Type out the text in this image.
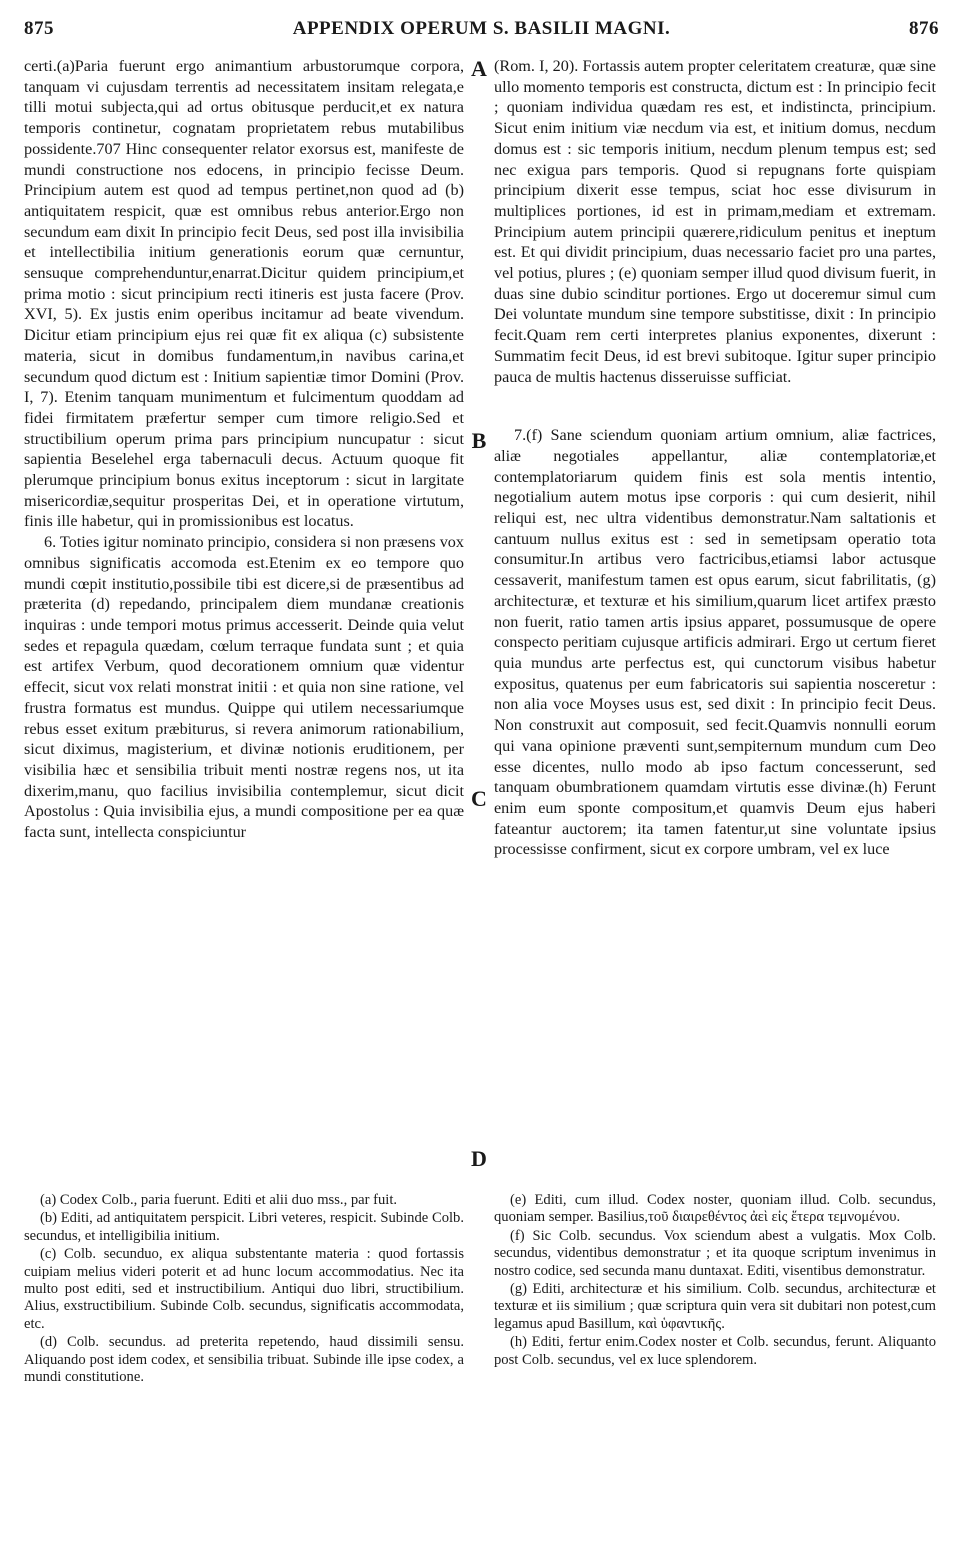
875	APPENDIX OPERUM S. BASILII MAGNI.	876

certi.(a)Paria fuerunt ergo animantium arbustorumque corpora, tanquam vi cujusdam terrentis ad necessitatem insitam relegata,e tilli motui subjecta,qui ad ortus obitusque perducit,et ex natura temporis continetur, cognatam proprietatem rebus mutabilibus possidente.707 Hinc consequenter relator exorsus est, manifeste de mundi constructione nos edocens, in principio fecisse Deum. Principium autem est quod ad tempus pertinet,non quod ad (b) antiquitatem respicit, quæ est omnibus rebus anterior.Ergo non secundum eam dixit In principio fecit Deus, sed post illa invisibilia et intellectibilia initium generationis eorum quæ cernuntur, sensuque comprehenduntur,enarrat.Dicitur quidem principium,et prima motio : sicut principium recti itineris est justa facere (Prov. XVI, 5). Ex justis enim operibus incitamur ad beate vivendum. Dicitur etiam principium ejus rei quæ fit ex aliqua (c) subsistente materia, sicut in domibus fundamentum,in navibus carina,et secundum quod dictum est : Initium sapientiæ timor Domini (Prov. I, 7). Etenim tanquam munimentum et fulcimentum quoddam ad fidei firmitatem præfertur semper cum timore religio.Sed et structibilium operum prima pars principium nuncupatur : sicut sapientia Beselehel erga tabernaculi decus. Actuum quoque fit plerumque principium bonus exitus inceptorum : sicut in largitate misericordiæ,sequitur prosperitas Dei, et in operatione virtutum, finis ille habetur, qui in promissionibus est locatus.

6. Toties igitur nominato principio, considera si non præsens vox omnibus significatis accomoda est.Etenim ex eo tempore quo mundi cœpit institutio,possibile tibi est dicere,si de præsentibus ad præterita (d) repedando, principalem diem mundanæ creationis inquiras : unde tempori motus primus accesserit. Deinde quia velut sedes et repagula quædam, cœlum terraque fundata sunt ; et quia est artifex Verbum, quod decorationem omnium quæ videntur effecit, sicut vox relati monstrat initii : et quia non sine ratione, vel frustra formatus est mundus. Quippe qui utilem necessariumque rebus esset exitum præbiturus, si revera animorum rationabilium, sicut diximus, magisterium, et divinæ notionis eruditionem, per visibilia hæc et sensibilia tribuit menti nostræ regens nos, ut ita dixerim,manu, quo facilius invisibilia contemplemur, sicut dicit Apostolus : Quia invisibilia ejus, a mundi compositione per ea quæ facta sunt, intellecta conspiciuntur

(Rom. I, 20). Fortassis autem propter celeritatem creaturæ, quæ sine ullo momento temporis est constructa, dictum est : In principio fecit ; quoniam individua quædam res est, et indistincta, principium. Sicut enim initium viæ necdum via est, et initium domus, necdum domus est : sic temporis initium, necdum plenum tempus est; sed nec exigua pars temporis. Quod si repugnans forte quispiam principium dixerit esse tempus, sciat hoc esse divisurum in multiplices portiones, id est in primam,mediam et extremam. Principium autem principii quærere,ridiculum penitus et ineptum est. Et qui dividit principium, duas necessario faciet pro una partes, vel potius, plures ; (e) quoniam semper illud quod divisum fuerit, in duas sine dubio scinditur portiones. Ergo ut doceremur simul cum Dei voluntate mundum sine tempore substitisse, dixit : In principio fecit.Quam rem certi interpretes planius exponentes, dixerunt : Summatim fecit Deus, id est brevi subitoque. Igitur super principio pauca de multis hactenus disseruisse sufficiat.

7.(f) Sane sciendum quoniam artium omnium, aliæ factrices, aliæ negotiales appellantur, aliæ contemplatoriæ,et contemplatoriarum quidem finis est sola mentis intentio, negotialium autem motus ipse corporis : qui cum desierit, nihil reliqui est, nec ultra videntibus demonstratur.Nam saltationis et cantuum nullus exitus est : sed in semetipsam operatio tota consumitur.In artibus vero factricibus,etiamsi labor actusque cessaverit, manifestum tamen est opus earum, sicut fabrilitatis, (g) architecturæ, et texturæ et his similium,quarum licet artifex præsto non fuerit, ratio tamen artis ipsius apparet, possumusque de opere conspecto peritiam cujusque artificis admirari. Ergo ut certum fieret quia mundus arte perfectus est, qui cunctorum visibus habetur expositus, quatenus per eum fabricatoris sui sapientia nosceretur : non alia voce Moyses usus est, sed dixit : In principio fecit Deus. Non construxit aut composuit, sed fecit.Quamvis nonnulli eorum qui vana opinione præventi sunt,sempiternum mundum cum Deo esse dicentes, nullo modo ab ipso factum concesserunt, sed tanquam obumbrationem quamdam virtutis esse divinæ.(h) Ferunt enim eum sponte compositum,et quamvis Deum ejus haberi fateantur auctorem; ita tamen fatentur,ut sine voluntate ipsius processisse confirment, sicut ex corpore umbram, vel ex luce

A
B
C
D

(a) Codex Colb., paria fuerunt. Editi et alii duo mss., par fuit.

(b) Editi, ad antiquitatem perspicit. Libri veteres, respicit. Subinde Colb. secundus, et intelligibilia initium.

(c) Colb. secunduo, ex aliqua substentante materia : quod fortassis cuipiam melius videri poterit et ad hunc locum accommodatius. Nec ita multo post editi, sed et instructibilium. Antiqui duo libri, structibilium. Alius, exstructibilium. Subinde Colb. secundus, significatis accommodata, etc.

(d) Colb. secundus. ad preterita repetendo, haud dissimili sensu. Aliquando post idem codex, et sensibilia tribuat. Subinde ille ipse codex, a mundi constitutione.

(e) Editi, cum illud. Codex noster, quoniam illud. Colb. secundus, quoniam semper. Basilius,τοῦ διαιρεθέντος ἀεὶ εἰς ἕτερα τεμνομένου.

(f) Sic Colb. secundus. Vox sciendum abest a vulgatis. Mox Colb. secundus, videntibus demonstratur ; et ita quoque scriptum invenimus in nostro codice, sed secunda manu duntaxat. Editi, visentibus demonstratur.

(g) Editi, architecturæ et his similium. Colb. secundus, architecturæ et texturæ et iis similium ; quæ scriptura quin vera sit dubitari non potest,cum legamus apud Basillum, καὶ ὑφαντικῆς.

(h) Editi, fertur enim.Codex noster et Colb. secundus, ferunt. Aliquanto post Colb. secundus, vel ex luce splendorem.
